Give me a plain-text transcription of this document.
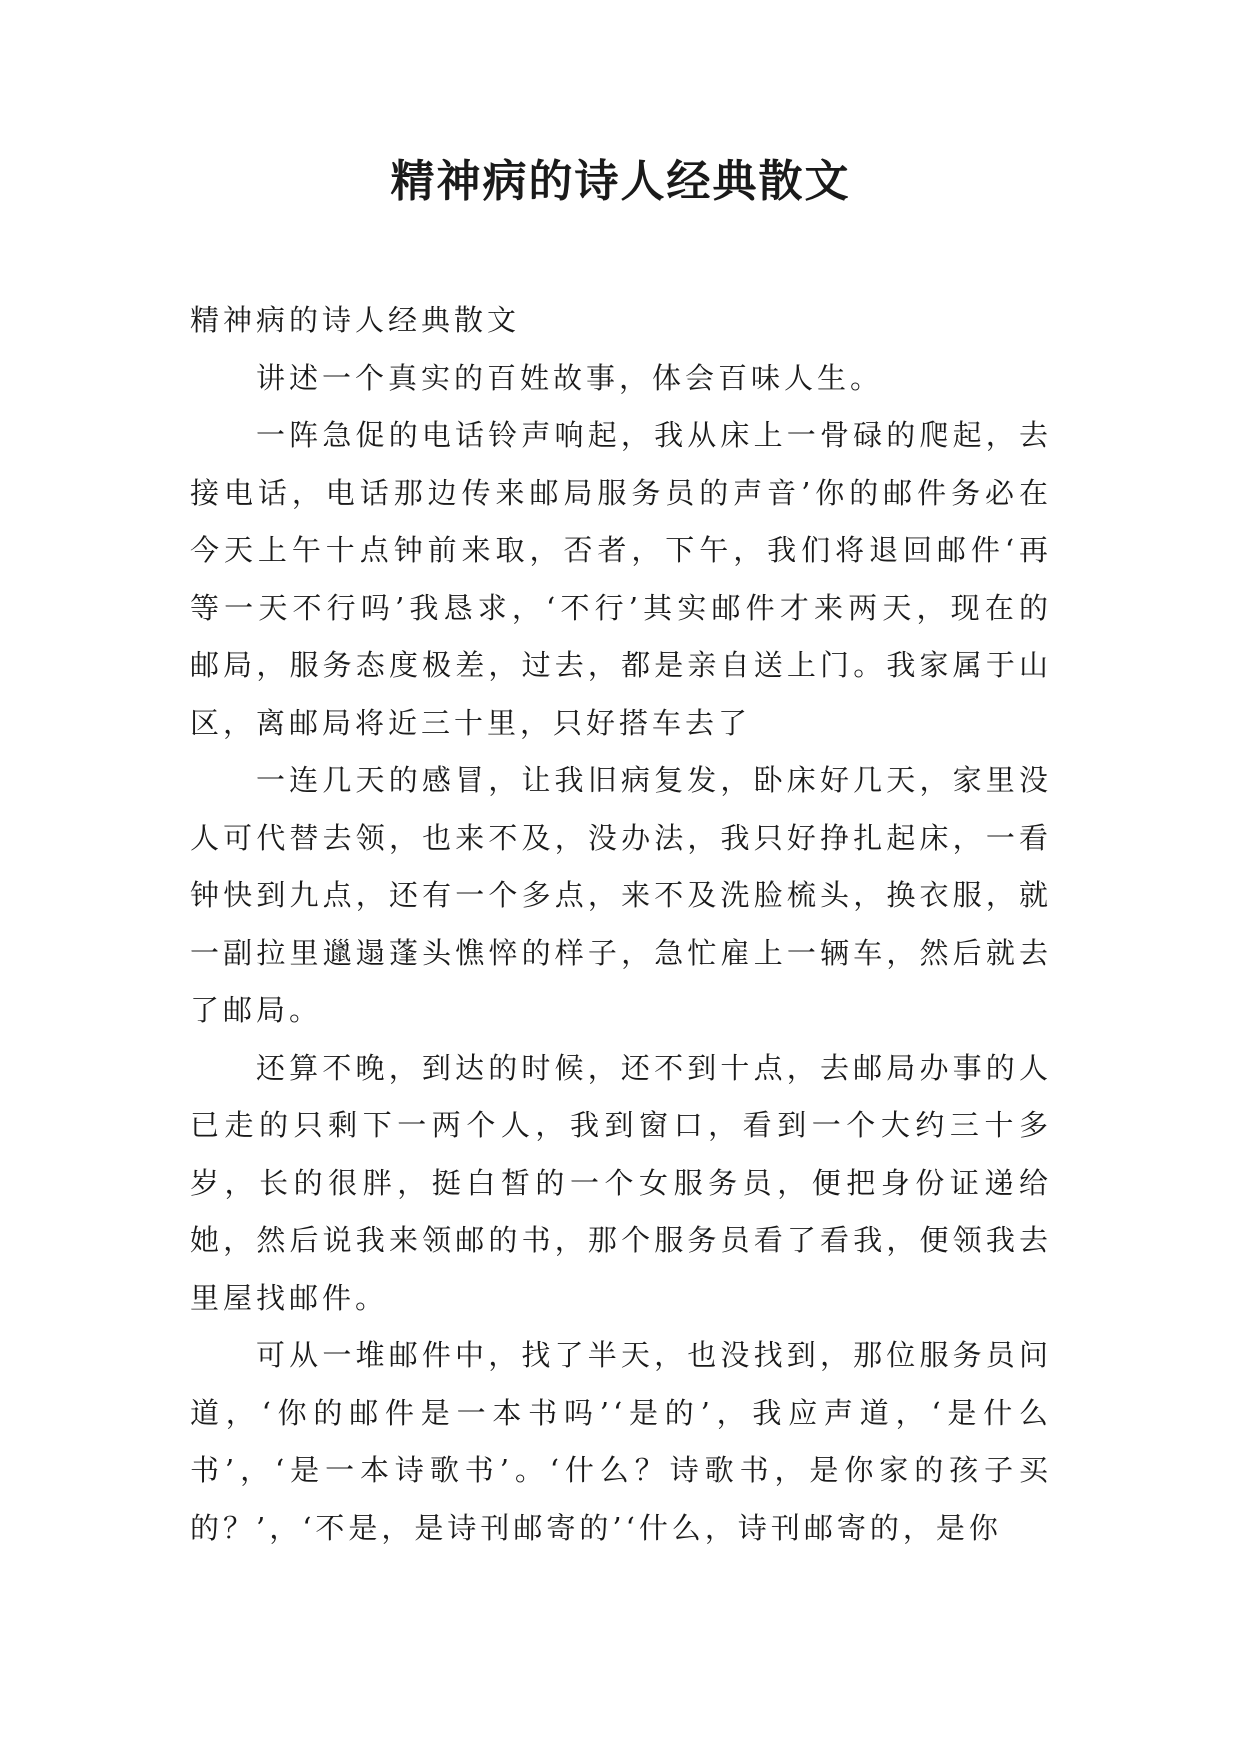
精神病的诗人经典散文

精神病的诗人经典散文

讲述一个真实的百姓故事，体会百味人生。

一阵急促的电话铃声响起，我从床上一骨碌的爬起，去接电话，电话那边传来邮局服务员的声音’你的邮件务必在今天上午十点钟前来取，否者，下午，我们将退回邮件‘再等一天不行吗’我恳求，‘不行’其实邮件才来两天，现在的邮局，服务态度极差，过去，都是亲自送上门。我家属于山区，离邮局将近三十里，只好搭车去了

一连几天的感冒，让我旧病复发，卧床好几天，家里没人可代替去领，也来不及，没办法，我只好挣扎起床，一看钟快到九点，还有一个多点，来不及洗脸梳头，换衣服，就一副拉里邋遢蓬头憔悴的样子，急忙雇上一辆车，然后就去了邮局。

还算不晚，到达的时候，还不到十点，去邮局办事的人已走的只剩下一两个人，我到窗口，看到一个大约三十多岁，长的很胖，挺白皙的一个女服务员，便把身份证递给她，然后说我来领邮的书，那个服务员看了看我，便领我去里屋找邮件。

可从一堆邮件中，找了半天，也没找到，那位服务员问道，‘你的邮件是一本书吗’‘是的’，我应声道，‘是什么书’，‘是一本诗歌书’。‘什么？诗歌书，是你家的孩子买的？’，‘不是，是诗刊邮寄的’‘什么，诗刊邮寄的，是你
